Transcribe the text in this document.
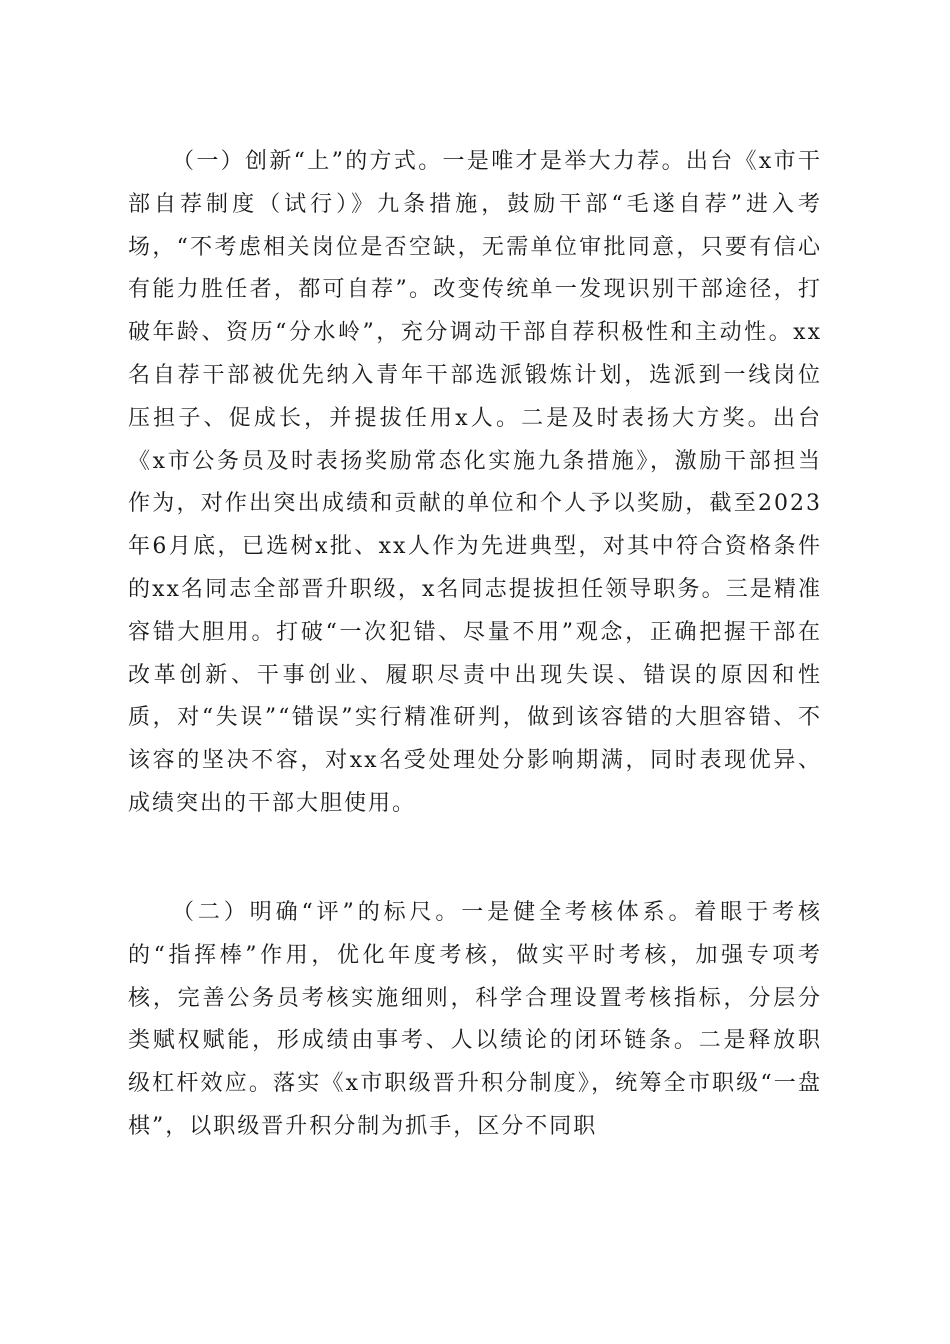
（一）创新“上”的方式。一是唯才是举大力荐。出台《x市干部自荐制度（试行）》九条措施，鼓励干部“毛遂自荐”进入考场，“不考虑相关岗位是否空缺，无需单位审批同意，只要有信心有能力胜任者，都可自荐”。改变传统单一发现识别干部途径，打破年龄、资历“分水岭”，充分调动干部自荐积极性和主动性。xx名自荐干部被优先纳入青年干部选派锻炼计划，选派到一线岗位压担子、促成长，并提拔任用x人。二是及时表扬大方奖。出台《x市公务员及时表扬奖励常态化实施九条措施》，激励干部担当作为，对作出突出成绩和贡献的单位和个人予以奖励，截至2023年6月底，已选树x批、xx人作为先进典型，对其中符合资格条件的xx名同志全部晋升职级，x名同志提拔担任领导职务。三是精准容错大胆用。打破“一次犯错、尽量不用”观念，正确把握干部在改革创新、干事创业、履职尽责中出现失误、错误的原因和性质，对“失误”“错误”实行精准研判，做到该容错的大胆容错、不该容的坚决不容，对xx名受处理处分影响期满，同时表现优异、成绩突出的干部大胆使用。

（二）明确“评”的标尺。一是健全考核体系。着眼于考核的“指挥棒”作用，优化年度考核，做实平时考核，加强专项考核，完善公务员考核实施细则，科学合理设置考核指标，分层分类赋权赋能，形成绩由事考、人以绩论的闭环链条。二是释放职级杠杆效应。落实《x市职级晋升积分制度》，统筹全市职级“一盘棋”，以职级晋升积分制为抓手，区分不同职
